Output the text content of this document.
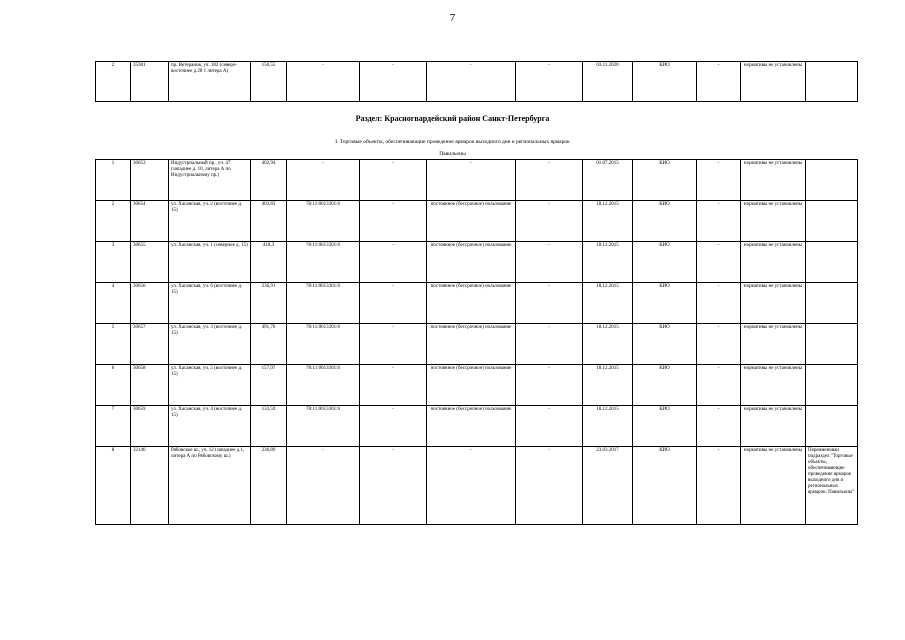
7
2	35381	пр. Ветеранов, уч. 182 (северо-восточнее д.28 1 литера А)	150,55	-	-	-	-	03.11.2020	КИО	-	нормативы не установлены	
Раздел: Красногвардейский район Санкт-Петербурга
I. Торговые объекты, обеспечивающие проведение ярмарок выходного дня и региональных ярмарок
Павильоны
1	30653	Индустриальный пр., уч. 47 (западнее д. 10, литера А по Индустриальному пр.)	402,94	-	-	-	-	01.07.2015	КИО	-	нормативы не установлены	
2	30654	ул. Хасанская, уч. 2 (восточнее д. 15)	403,83	78:11:0613301:6	-	постоянное (бессрочное) пользование	-	18.12.2015	КИО	-	нормативы не установлены	
3	30655	ул. Хасанская, уч. 1 (северное д. 15)	418,3	78:11:0613301:6	-	постоянное (бессрочное) пользование	-	18.12.2015	КИО	-	нормативы не установлены	
4	30656	ул. Хасанская, уч. 6 (восточнее д. 15)	236,91	78:11:0613301:6	-	постоянное (бессрочное) пользование	-	18.12.2015	КИО	-	нормативы не установлены	
5	30657	ул. Хасанская, уч. 3 (восточнее д. 15)	491,76	78:11:0613301:6	-	постоянное (бессрочное) пользование	-	18.12.2015	КИО	-	нормативы не установлены	
6	30658	ул. Хасанская, уч. 5 (восточнее д. 15)	157,97	78:11:0613301:6	-	постоянное (бессрочное) пользование	-	18.12.2015	КИО	-	нормативы не установлены	
7	30659	ул. Хасанская, уч. 4 (восточнее д. 15)	133,59	78:11:0613301:6	-	постоянное (бессрочное) пользование	-	18.12.2015	КИО	-	нормативы не установлены	
8	32146	Рябовское ш., уч. 12 (западнее д.1, литера А по Рябовскому ш.)	236,89	-	-	-	-	23.03.2017	КИО	-	нормативы не установлены	Переименован подраздел "Торговые объекты, обеспечивающие проведение ярмарок выходного дня и региональных ярмарок: Павильоны"
